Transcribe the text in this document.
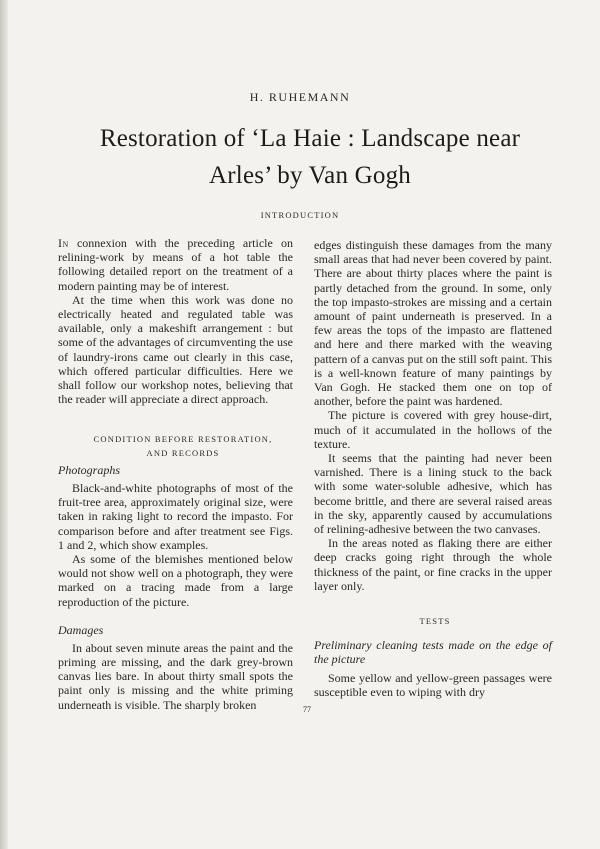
H. RUHEMANN
Restoration of ‘La Haie : Landscape near
Arles’ by Van Gogh
INTRODUCTION

In connexion with the preceding article on relining-work by means of a hot table the following detailed report on the treatment of a modern painting may be of interest.

At the time when this work was done no electrically heated and regulated table was available, only a makeshift arrangement : but some of the advantages of circumventing the use of laundry-irons came out clearly in this case, which offered particular difficulties. Here we shall follow our workshop notes, believing that the reader will appreciate a direct approach.

CONDITION BEFORE RESTORATION,
AND RECORDS

Photographs

Black-and-white photographs of most of the fruit-tree area, approximately original size, were taken in raking light to record the impasto. For comparison before and after treatment see Figs. 1 and 2, which show examples.

As some of the blemishes mentioned below would not show well on a photograph, they were marked on a tracing made from a large reproduction of the picture.

Damages

In about seven minute areas the paint and the priming are missing, and the dark grey-brown canvas lies bare. In about thirty small spots the paint only is missing and the white priming underneath is visible. The sharply broken

edges distinguish these damages from the many small areas that had never been covered by paint. There are about thirty places where the paint is partly detached from the ground. In some, only the top impasto-strokes are missing and a certain amount of paint underneath is preserved. In a few areas the tops of the impasto are flattened and here and there marked with the weaving pattern of a canvas put on the still soft paint. This is a well-known feature of many paintings by Van Gogh. He stacked them one on top of another, before the paint was hardened.

The picture is covered with grey house-dirt, much of it accumulated in the hollows of the texture.

It seems that the painting had never been varnished. There is a lining stuck to the back with some water-soluble adhesive, which has become brittle, and there are several raised areas in the sky, apparently caused by accumulations of relining-adhesive between the two canvases.

In the areas noted as flaking there are either deep cracks going right through the whole thickness of the paint, or fine cracks in the upper layer only.

TESTS

Preliminary cleaning tests made on the edge of the picture

Some yellow and yellow-green passages were susceptible even to wiping with dry

77
